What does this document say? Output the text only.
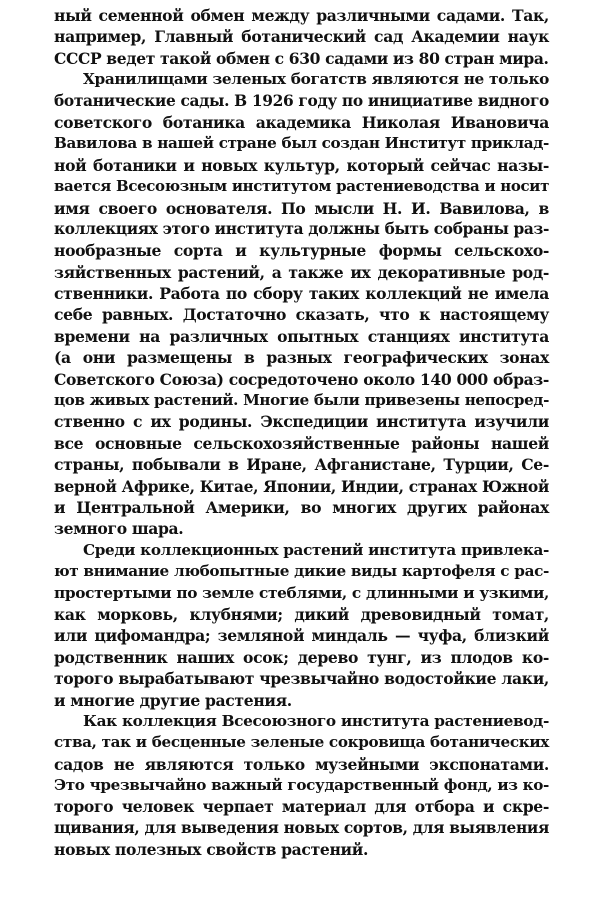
ный семенной обмен между различными садами. Так,
например, Главный ботанический сад Академии наук
СССР ведет такой обмен с 630 садами из 80 стран мира.
Хранилищами зеленых богатств являются не только
ботанические сады. В 1926 году по инициативе видного
советского ботаника академика Николая Ивановича
Вавилова в нашей стране был создан Институт приклад-
ной ботаники и новых культур, который сейчас назы-
вается Всесоюзным институтом растениеводства и носит
имя своего основателя. По мысли Н. И. Вавилова, в
коллекциях этого института должны быть собраны раз-
нообразные сорта и культурные формы сельскохо-
зяйственных растений, а также их декоративные род-
ственники. Работа по сбору таких коллекций не имела
себе равных. Достаточно сказать, что к настоящему
времени на различных опытных станциях института
(а они размещены в разных географических зонах
Советского Союза) сосредоточено около 140 000 образ-
цов живых растений. Многие были привезены непосред-
ственно с их родины. Экспедиции института изучили
все основные сельскохозяйственные районы нашей
страны, побывали в Иране, Афганистане, Турции, Се-
верной Африке, Китае, Японии, Индии, странах Южной
и Центральной Америки, во многих других районах
земного шара.
Среди коллекционных растений института привлека-
ют внимание любопытные дикие виды картофеля с рас-
простертыми по земле стеблями, с длинными и узкими,
как морковь, клубнями; дикий древовидный томат,
или цифомандра; земляной миндаль — чуфа, близкий
родственник наших осок; дерево тунг, из плодов ко-
торого вырабатывают чрезвычайно водостойкие лаки,
и многие другие растения.
Как коллекция Всесоюзного института растениевод-
ства, так и бесценные зеленые сокровища ботанических
садов не являются только музейными экспонатами.
Это чрезвычайно важный государственный фонд, из ко-
торого человек черпает материал для отбора и скре-
щивания, для выведения новых сортов, для выявления
новых полезных свойств растений.
